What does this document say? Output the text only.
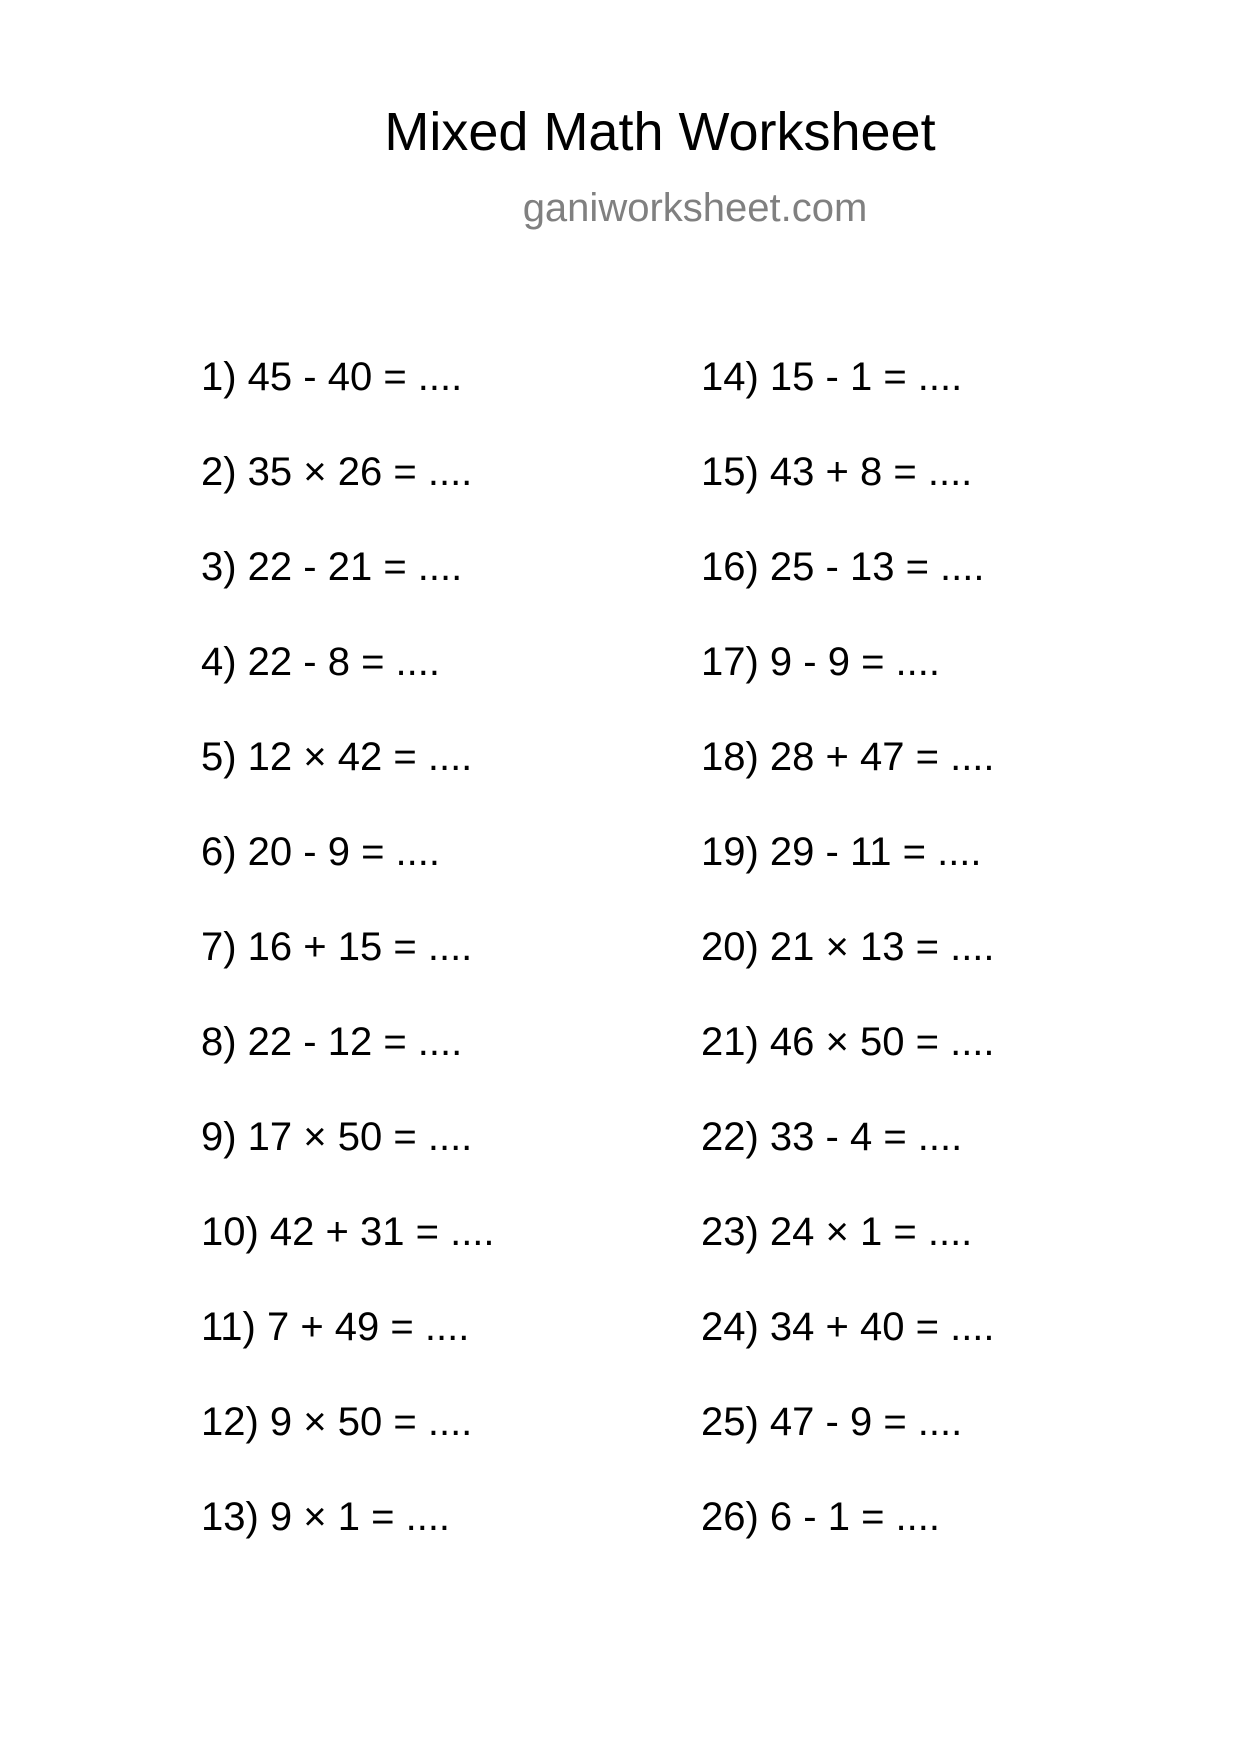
Mixed Math Worksheet

ganiworksheet.com

1) 45 - 40 = ....
2) 35 × 26 = ....
3) 22 - 21 = ....
4) 22 - 8 = ....
5) 12 × 42 = ....
6) 20 - 9 = ....
7) 16 + 15 = ....
8) 22 - 12 = ....
9) 17 × 50 = ....
10) 42 + 31 = ....
11) 7 + 49 = ....
12) 9 × 50 = ....
13) 9 × 1 = ....
14) 15 - 1 = ....
15) 43 + 8 = ....
16) 25 - 13 = ....
17) 9 - 9 = ....
18) 28 + 47 = ....
19) 29 - 11 = ....
20) 21 × 13 = ....
21) 46 × 50 = ....
22) 33 - 4 = ....
23) 24 × 1 = ....
24) 34 + 40 = ....
25) 47 - 9 = ....
26) 6 - 1 = ....
